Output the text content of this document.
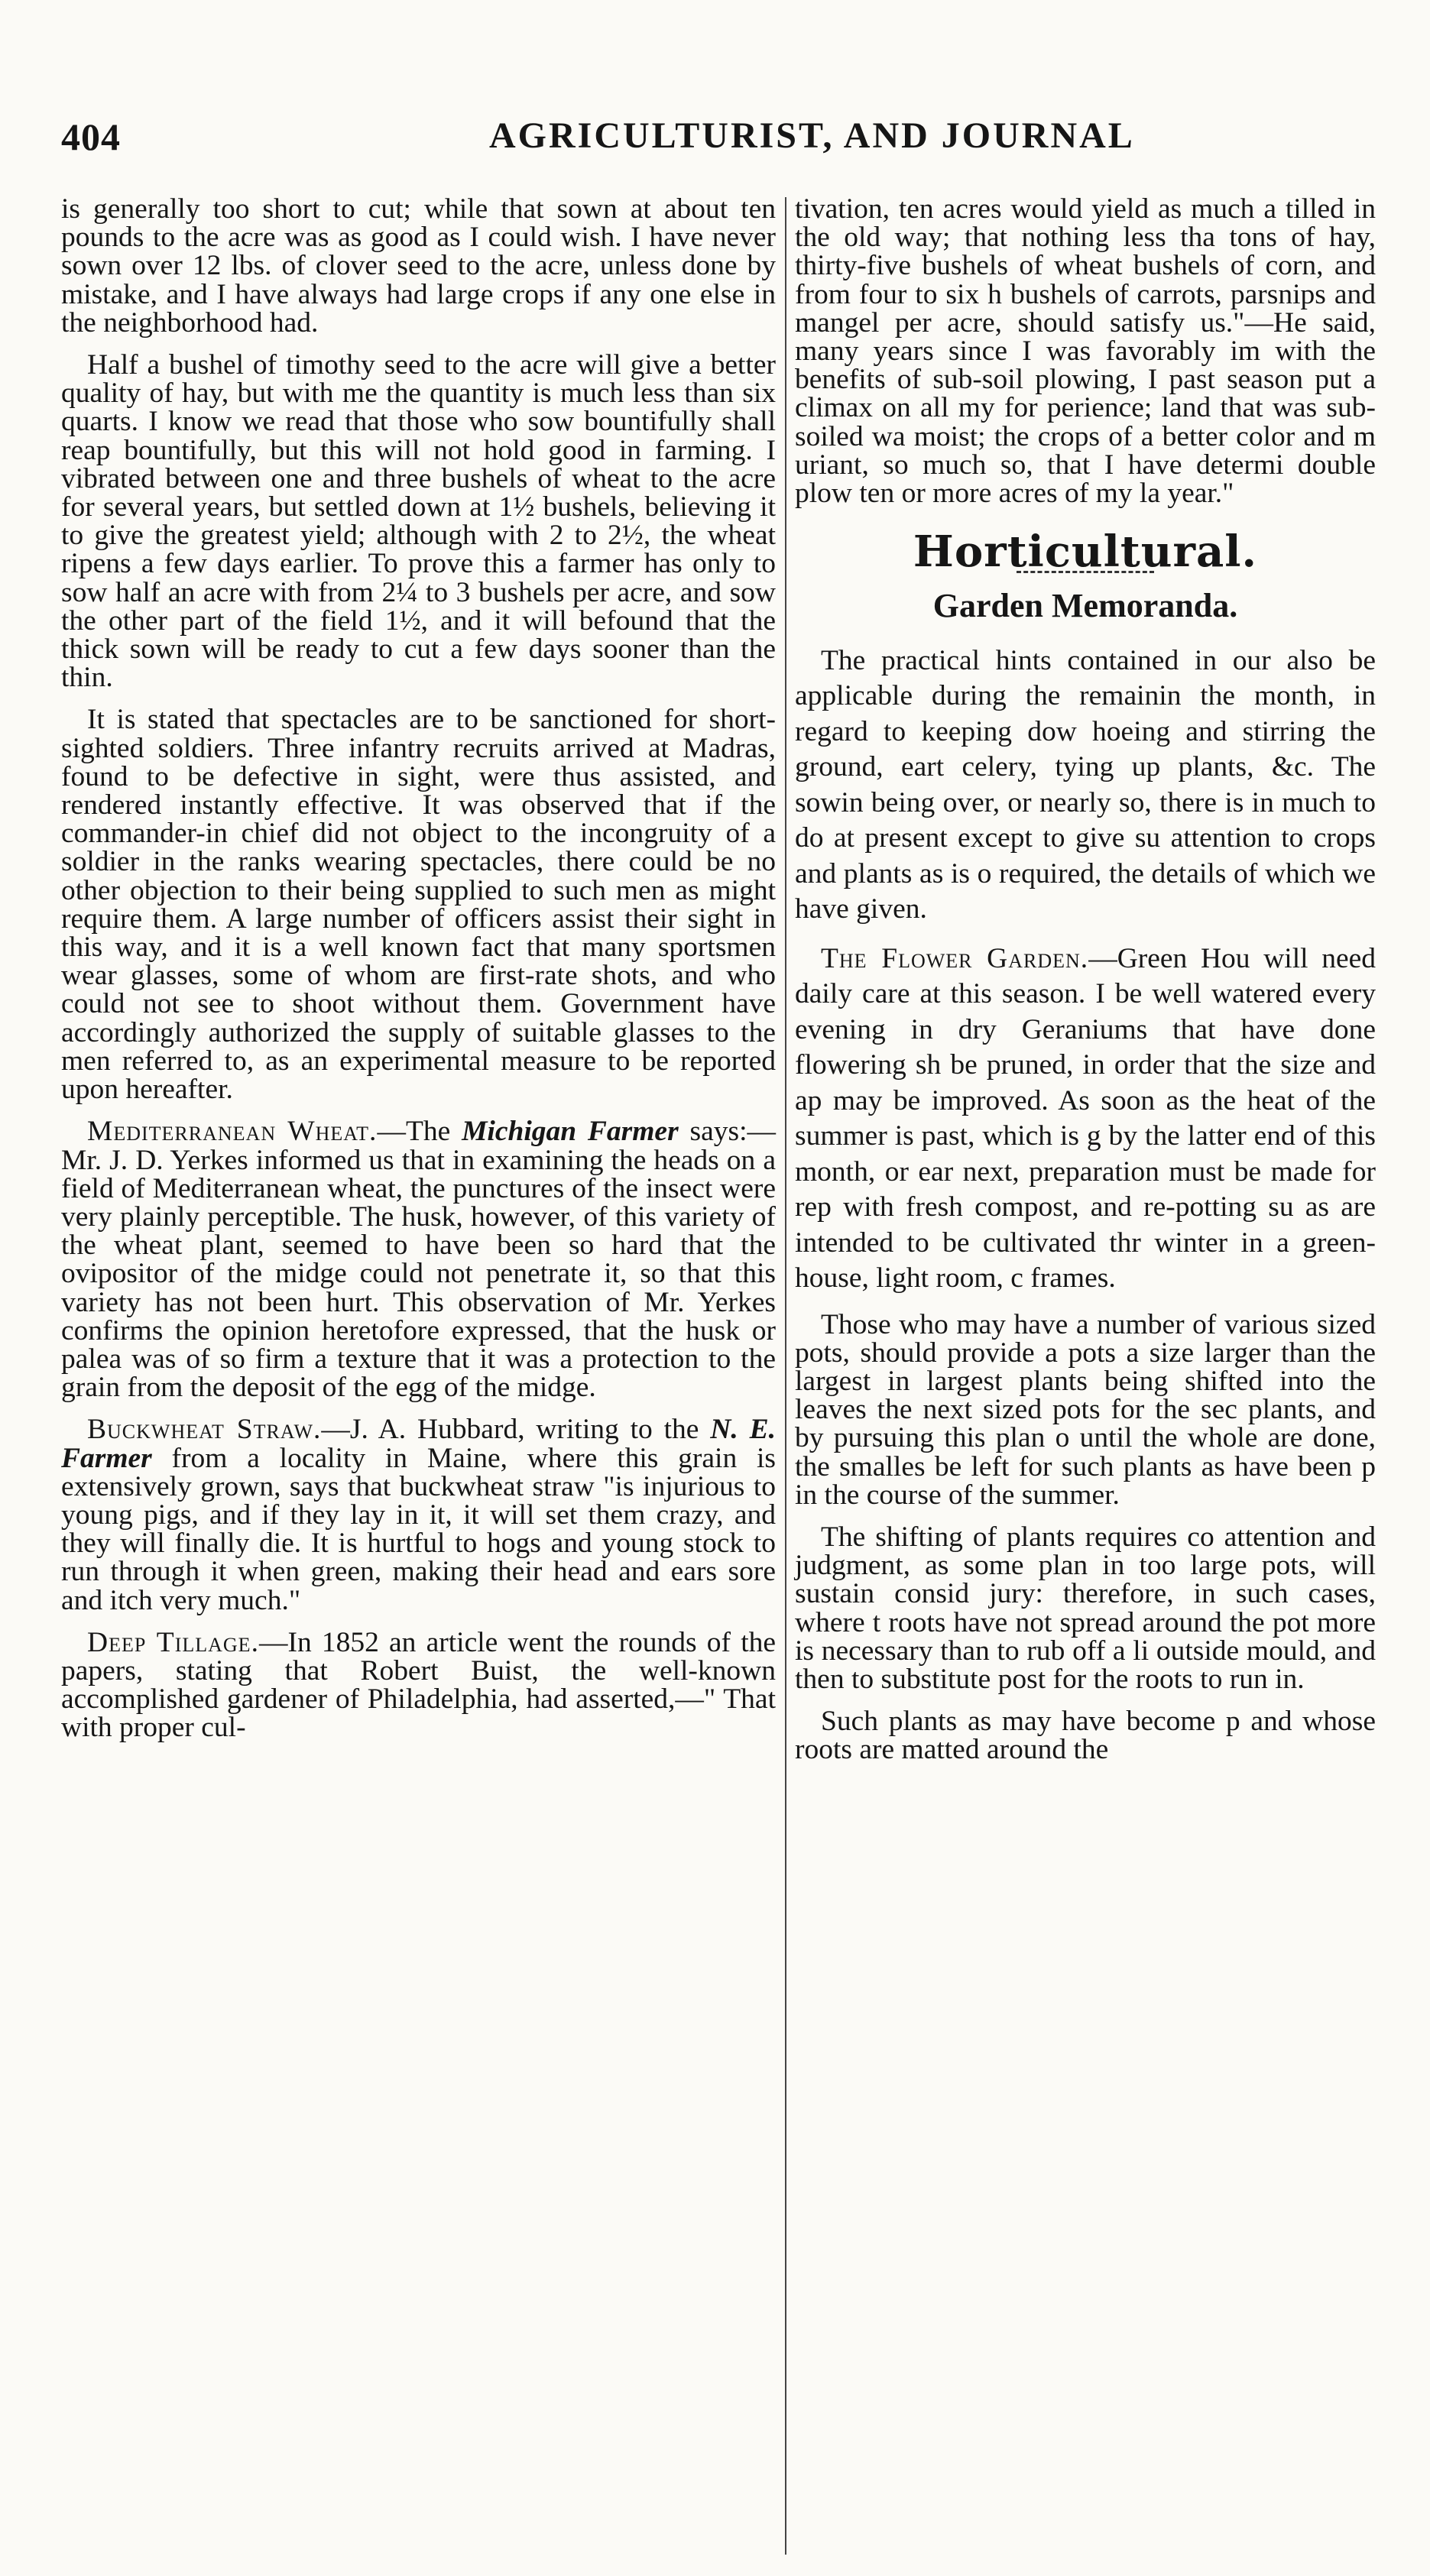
404	AGRICULTURIST, AND JOURNAL

is generally too short to cut; while that sown at about ten pounds to the acre was as good as I could wish. I have never sown over 12 lbs. of clover seed to the acre, unless done by mistake, and I have always had large crops if any one else in the neighborhood had.

Half a bushel of timothy seed to the acre will give a better quality of hay, but with me the quantity is much less than six quarts. I know we read that those who sow bountifully shall reap bountifully, but this will not hold good in farming. I vibrated between one and three bushels of wheat to the acre for several years, but settled down at 1½ bushels, believing it to give the greatest yield; although with 2 to 2½, the wheat ripens a few days earlier. To prove this a farmer has only to sow half an acre with from 2¼ to 3 bushels per acre, and sow the other part of the field 1½, and it will befound that the thick sown will be ready to cut a few days sooner than the thin.

It is stated that spectacles are to be sanctioned for short-sighted soldiers. Three infantry recruits arrived at Madras, found to be defective in sight, were thus assisted, and rendered instantly effective. It was observed that if the commander-in chief did not object to the incongruity of a soldier in the ranks wearing spectacles, there could be no other objection to their being supplied to such men as might require them. A large number of officers assist their sight in this way, and it is a well known fact that many sportsmen wear glasses, some of whom are first-rate shots, and who could not see to shoot without them. Government have accordingly authorized the supply of suitable glasses to the men referred to, as an experimental measure to be reported upon hereafter.

Mediterranean Wheat.—The Michigan Farmer says:—Mr. J. D. Yerkes informed us that in examining the heads on a field of Mediterranean wheat, the punctures of the insect were very plainly perceptible. The husk, however, of this variety of the wheat plant, seemed to have been so hard that the ovipositor of the midge could not penetrate it, so that this variety has not been hurt. This observation of Mr. Yerkes confirms the opinion heretofore expressed, that the husk or palea was of so firm a texture that it was a protection to the grain from the deposit of the egg of the midge.

Buckwheat Straw.—J. A. Hubbard, writing to the N. E. Farmer from a locality in Maine, where this grain is extensively grown, says that buckwheat straw "is injurious to young pigs, and if they lay in it, it will set them crazy, and they will finally die. It is hurtful to hogs and young stock to run through it when green, making their head and ears sore and itch very much."

Deep Tillage.—In 1852 an article went the rounds of the papers, stating that Robert Buist, the well-known accomplished gardener of Philadelphia, had asserted,—" That with proper cul-

tivation, ten acres would yield as much a tilled in the old way; that nothing less tha tons of hay, thirty-five bushels of wheat bushels of corn, and from four to six h bushels of carrots, parsnips and mangel per acre, should satisfy us."—He said, many years since I was favorably im with the benefits of sub-soil plowing, I past season put a climax on all my for perience; land that was sub-soiled wa moist; the crops of a better color and m uriant, so much so, that I have determi double plow ten or more acres of my la year."

Horticultural.
Garden Memoranda.

The practical hints contained in our also be applicable during the remainin the month, in regard to keeping dow hoeing and stirring the ground, eart celery, tying up plants, &c. The sowin being over, or nearly so, there is in much to do at present except to give su attention to crops and plants as is o required, the details of which we have given.

The Flower Garden.—Green Hou will need daily care at this season. I be well watered every evening in dry Geraniums that have done flowering sh be pruned, in order that the size and ap may be improved. As soon as the heat of the summer is past, which is g by the latter end of this month, or ear next, preparation must be made for rep with fresh compost, and re-potting su as are intended to be cultivated thr winter in a green-house, light room, c frames.

Those who may have a number of various sized pots, should provide a pots a size larger than the largest in largest plants being shifted into the leaves the next sized pots for the sec plants, and by pursuing this plan o until the whole are done, the smalles be left for such plants as have been p in the course of the summer.

The shifting of plants requires co attention and judgment, as some plan in too large pots, will sustain consid jury: therefore, in such cases, where t roots have not spread around the pot more is necessary than to rub off a li outside mould, and then to substitute post for the roots to run in.

Such plants as may have become p and whose roots are matted around the
